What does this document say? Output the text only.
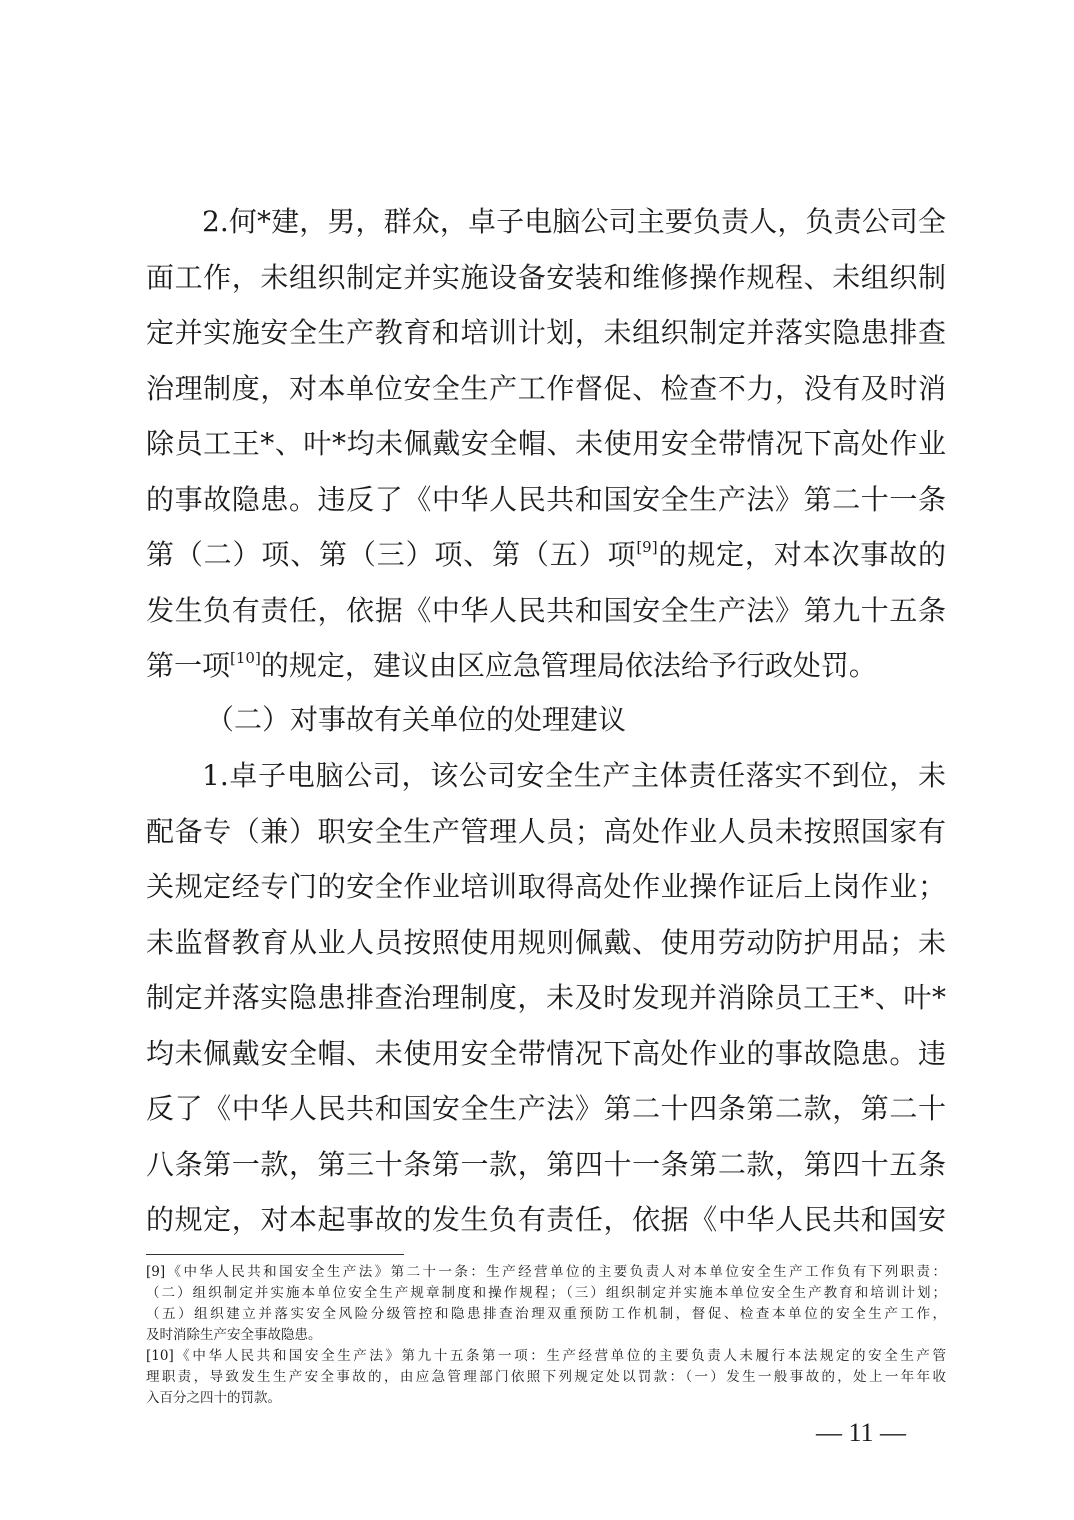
2.何*建，男，群众，卓子电脑公司主要负责人，负责公司全
面工作，未组织制定并实施设备安装和维修操作规程、未组织制
定并实施安全生产教育和培训计划，未组织制定并落实隐患排查
治理制度，对本单位安全生产工作督促、检查不力，没有及时消
除员工王*、叶*均未佩戴安全帽、未使用安全带情况下高处作业
的事故隐患。违反了《中华人民共和国安全生产法》第二十一条
第（二）项、第（三）项、第（五）项[9]的规定，对本次事故的
发生负有责任，依据《中华人民共和国安全生产法》第九十五条
第一项[10]的规定，建议由区应急管理局依法给予行政处罚。
（二）对事故有关单位的处理建议
1.卓子电脑公司，该公司安全生产主体责任落实不到位，未
配备专（兼）职安全生产管理人员；高处作业人员未按照国家有
关规定经专门的安全作业培训取得高处作业操作证后上岗作业；
未监督教育从业人员按照使用规则佩戴、使用劳动防护用品；未
制定并落实隐患排查治理制度，未及时发现并消除员工王*、叶*
均未佩戴安全帽、未使用安全带情况下高处作业的事故隐患。违
反了《中华人民共和国安全生产法》第二十四条第二款，第二十
八条第一款，第三十条第一款，第四十一条第二款，第四十五条
的规定，对本起事故的发生负有责任，依据《中华人民共和国安
[9]《中华人民共和国安全生产法》第二十一条：生产经营单位的主要负责人对本单位安全生产工作负有下列职责：
（二）组织制定并实施本单位安全生产规章制度和操作规程；（三）组织制定并实施本单位安全生产教育和培训计划；
（五）组织建立并落实安全风险分级管控和隐患排查治理双重预防工作机制，督促、检查本单位的安全生产工作，
及时消除生产安全事故隐患。
[10]《中华人民共和国安全生产法》第九十五条第一项：生产经营单位的主要负责人未履行本法规定的安全生产管
理职责，导致发生生产安全事故的，由应急管理部门依照下列规定处以罚款：（一）发生一般事故的，处上一年年收
入百分之四十的罚款。
— 11 —
